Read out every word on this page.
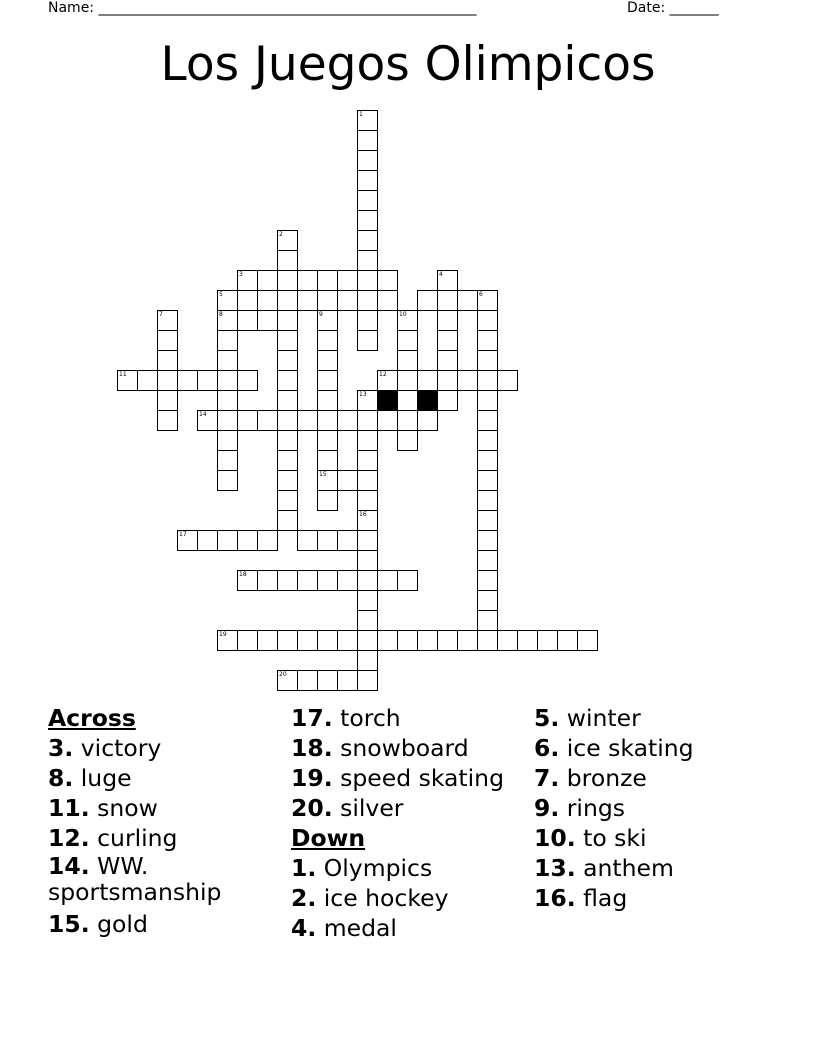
Name: ______________________________________________________	Date: _______
Los Juegos Olimpicos
1
2
3	4
5	6
7	8	9	10
11	12
13
14
15
16
17
18
19
20
Across
3. victory
8. luge
11. snow
12. curling
14. WW. sportsmanship
15. gold
17. torch
18. snowboard
19. speed skating
20. silver
Down
1. Olympics
2. ice hockey
4. medal
5. winter
6. ice skating
7. bronze
9. rings
10. to ski
13. anthem
16. flag
